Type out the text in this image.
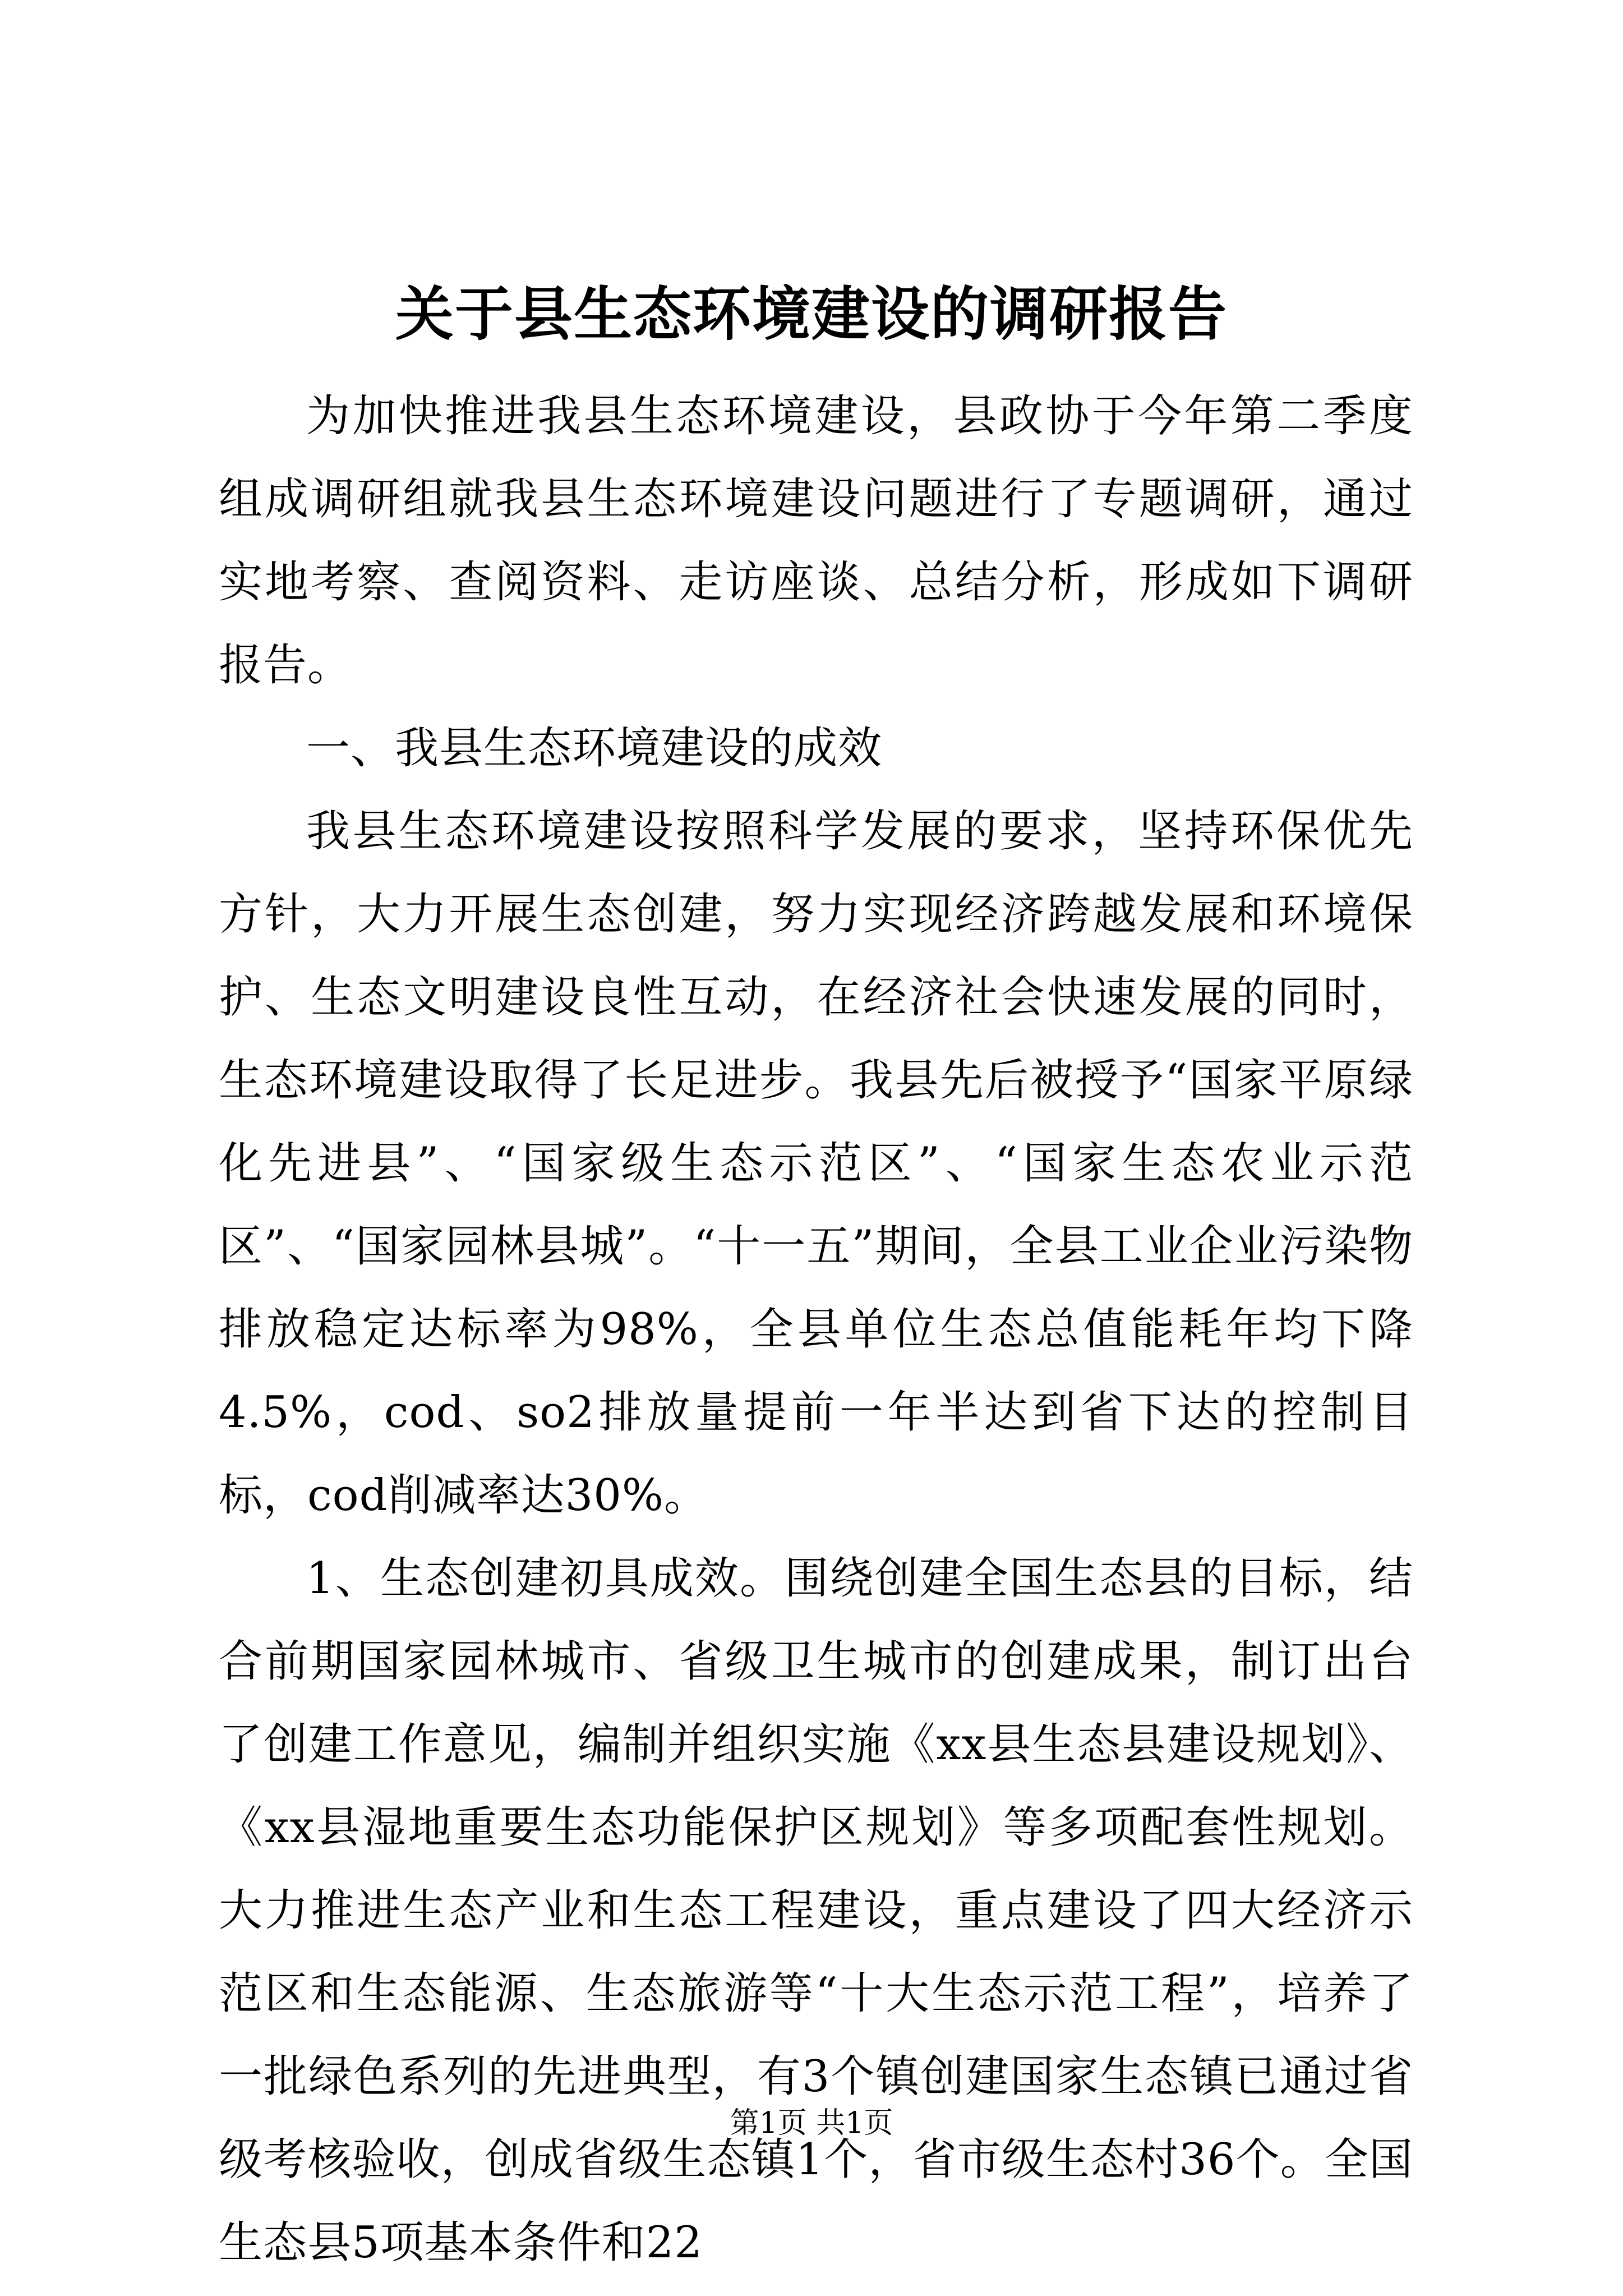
关于县生态环境建设的调研报告

为加快推进我县生态环境建设，县政协于今年第二季度组成调研组就我县生态环境建设问题进行了专题调研，通过实地考察、查阅资料、走访座谈、总结分析，形成如下调研报告。

一、我县生态环境建设的成效

我县生态环境建设按照科学发展的要求，坚持环保优先方针，大力开展生态创建，努力实现经济跨越发展和环境保护、生态文明建设良性互动，在经济社会快速发展的同时，生态环境建设取得了长足进步。我县先后被授予“国家平原绿化先进县”、“国家级生态示范区”、“国家生态农业示范区”、“国家园林县城”。“十一五”期间，全县工业企业污染物排放稳定达标率为98%，全县单位生态总值能耗年均下降4.5%，cod、so2排放量提前一年半达到省下达的控制目标，cod削减率达30%。

1、生态创建初具成效。围绕创建全国生态县的目标，结合前期国家园林城市、省级卫生城市的创建成果，制订出台了创建工作意见，编制并组织实施《xx县生态县建设规划》、《xx县湿地重要生态功能保护区规划》等多项配套性规划。大力推进生态产业和生态工程建设，重点建设了四大经济示范区和生态能源、生态旅游等“十大生态示范工程”，培养了一批绿色系列的先进典型，有3个镇创建国家生态镇已通过省级考核验收，创成省级生态镇1个，省市级生态村36个。全国生态县5项基本条件和22

第1页 共1页
